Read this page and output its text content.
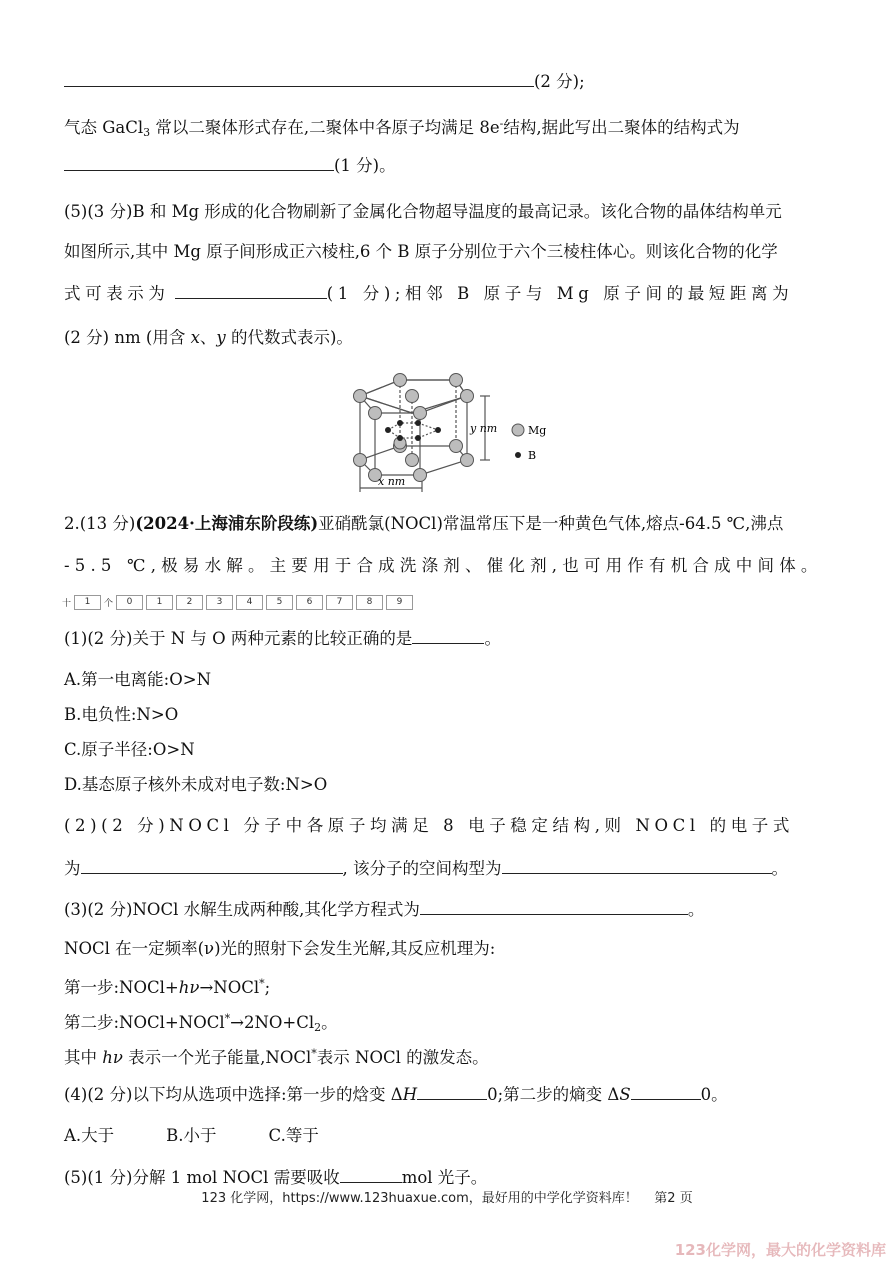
(2 分);
气态 GaCl$_3$ 常以二聚体形式存在,二聚体中各原子均满足 8e-结构,据此写出二聚体的结构式为
(1 分)。
(5)(3 分)B 和 Mg 形成的化合物刷新了金属化合物超导温度的最高记录。该化合物的晶体结构单元
如图所示,其中 Mg 原子间形成正六棱柱,6 个 B 原子分别位于六个三棱柱体心。则该化合物的化学
式可表示为	(1 分);相邻 B 原子与 Mg 原子间的最短距离为
(2 分) nm (用含 x、y 的代数式表示)。
y nm
x nm
Mg
B
2.(13 分)(2024·上海浦东阶段练)亚硝酰氯(NOCl)常温常压下是一种黄色气体,熔点-64.5 ℃,沸点
-5.5 ℃,极易水解。主要用于合成洗涤剂、催化剂,也可用作有机合成中间体。
十	1	个	0	1	2	3	4	5	6	7	8	9
(1)(2 分)关于 N 与 O 两种元素的比较正确的是	。
A.第一电离能:O>N
B.电负性:N>O
C.原子半径:O>N
D.基态原子核外未成对电子数:N>O
(2)(2 分)NOCl 分子中各原子均满足 8 电子稳定结构,则 NOCl 的电子式
为	, 该分子的空间构型为	。
(3)(2 分)NOCl 水解生成两种酸,其化学方程式为	。
NOCl 在一定频率(ν)光的照射下会发生光解,其反应机理为:
第一步:NOCl+hν→NOCl*;
第二步$:NOCl+NOCl^*\to 2NO+Cl_2$。
其中 hν 表示一个光子能量,NOCl*表示 NOCl 的激发态。
(4)(2 分)以下均从选项中选择:第一步的焓变 ΔH	0;第二步的熵变 ΔS	0。
A.大于	B.小于	C.等于
(5)(1 分)分解 1 mol NOCl 需要吸收	mol 光子。
123 化学网，https://www.123huaxue.com，最好用的中学化学资料库！ 第2 页
123化学网，最大的化学资料库
